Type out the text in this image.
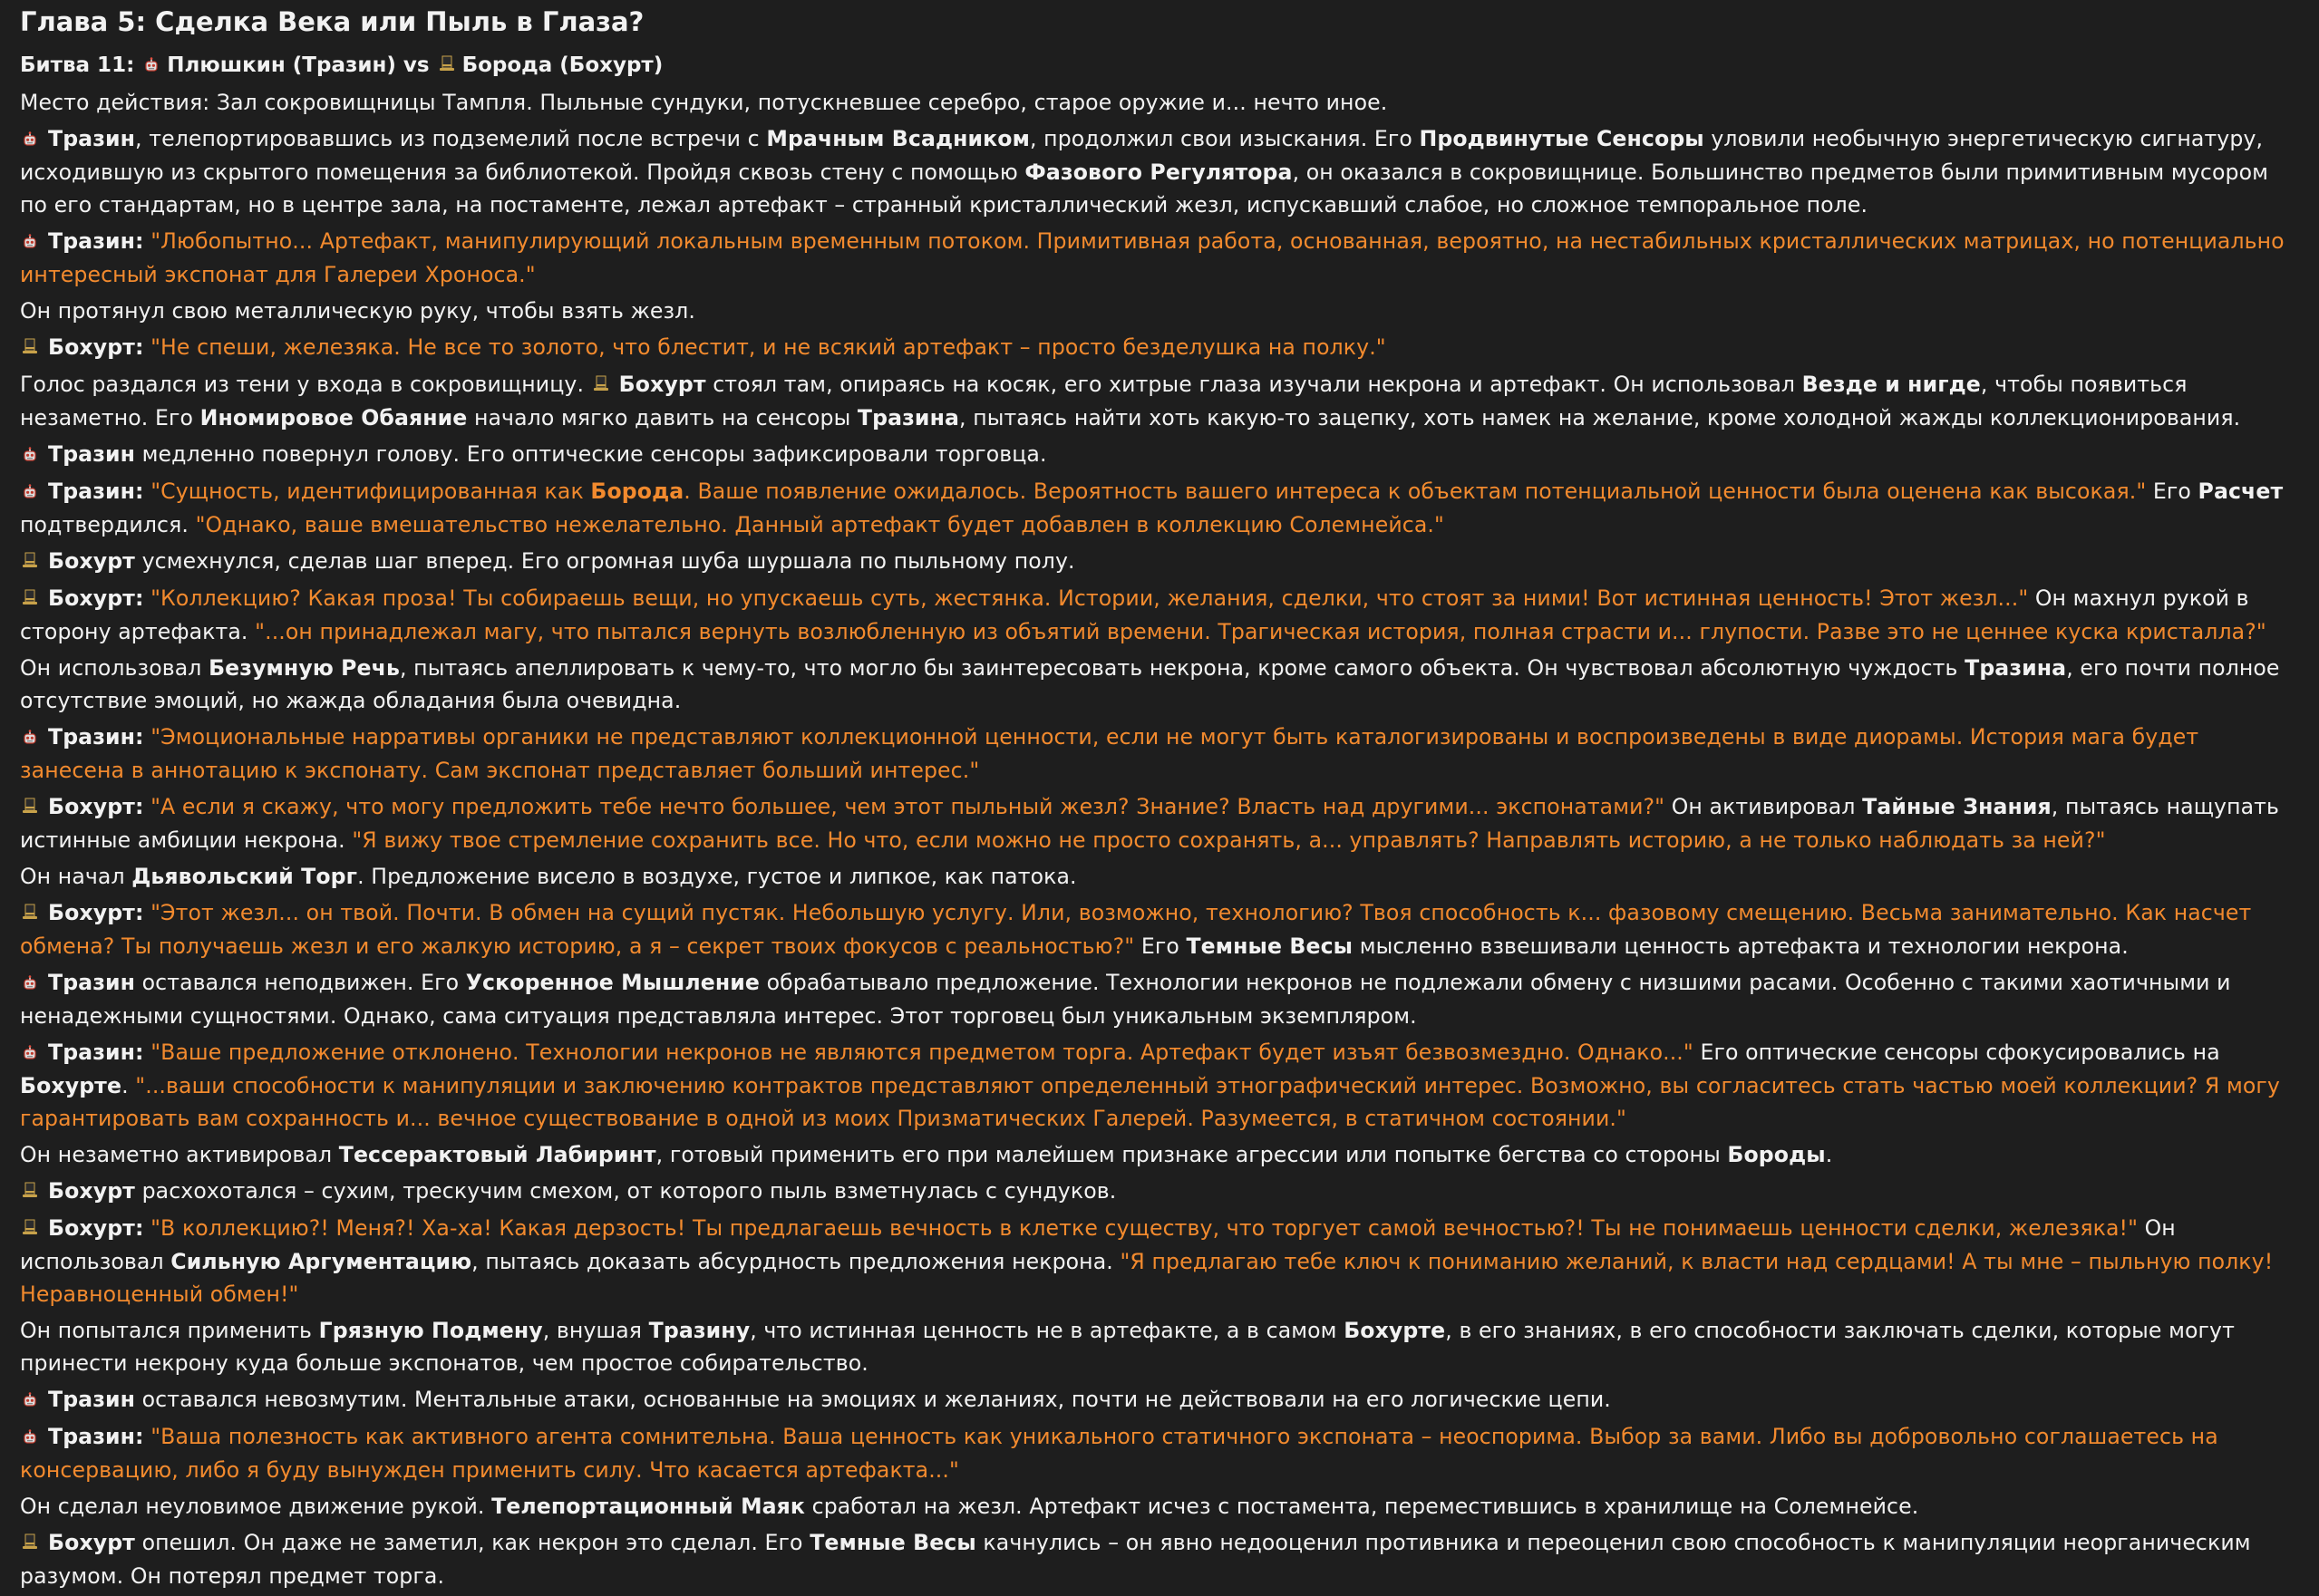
Глава 5: Сделка Века или Пыль в Глаза?
Битва 11: Плюшкин (Тразин) vs Борода (Бохурт)
Место действия: Зал сокровищницы Тампля. Пыльные сундуки, потускневшее серебро, старое оружие и... нечто иное.
Тразин, телепортировавшись из подземелий после встречи с Мрачным Всадником, продолжил свои изыскания. Его Продвинутые Сенсоры уловили необычную энергетическую сигнатуру, исходившую из скрытого помещения за библиотекой. Пройдя сквозь стену с помощью Фазового Регулятора, он оказался в сокровищнице. Большинство предметов были примитивным мусором по его стандартам, но в центре зала, на постаменте, лежал артефакт – странный кристаллический жезл, испускавший слабое, но сложное темпоральное поле.
Тразин: "Любопытно... Артефакт, манипулирующий локальным временным потоком. Примитивная работа, основанная, вероятно, на нестабильных кристаллических матрицах, но потенциально интересный экспонат для Галереи Хроноса."
Он протянул свою металлическую руку, чтобы взять жезл.
Бохурт: "Не спеши, железяка. Не все то золото, что блестит, и не всякий артефакт – просто безделушка на полку."
Голос раздался из тени у входа в сокровищницу. Бохурт стоял там, опираясь на косяк, его хитрые глаза изучали некрона и артефакт. Он использовал Везде и нигде, чтобы появиться незаметно. Его Иномировое Обаяние начало мягко давить на сенсоры Тразина, пытаясь найти хоть какую-то зацепку, хоть намек на желание, кроме холодной жажды коллекционирования.
Тразин медленно повернул голову. Его оптические сенсоры зафиксировали торговца.
Тразин: "Сущность, идентифицированная как Борода. Ваше появление ожидалось. Вероятность вашего интереса к объектам потенциальной ценности была оценена как высокая." Его Расчет подтвердился. "Однако, ваше вмешательство нежелательно. Данный артефакт будет добавлен в коллекцию Солемнейса."
Бохурт усмехнулся, сделав шаг вперед. Его огромная шуба шуршала по пыльному полу.
Бохурт: "Коллекцию? Какая проза! Ты собираешь вещи, но упускаешь суть, жестянка. Истории, желания, сделки, что стоят за ними! Вот истинная ценность! Этот жезл..." Он махнул рукой в сторону артефакта. "...он принадлежал магу, что пытался вернуть возлюбленную из объятий времени. Трагическая история, полная страсти и... глупости. Разве это не ценнее куска кристалла?"
Он использовал Безумную Речь, пытаясь апеллировать к чему-то, что могло бы заинтересовать некрона, кроме самого объекта. Он чувствовал абсолютную чуждость Тразина, его почти полное отсутствие эмоций, но жажда обладания была очевидна.
Тразин: "Эмоциональные нарративы органики не представляют коллекционной ценности, если не могут быть каталогизированы и воспроизведены в виде диорамы. История мага будет занесена в аннотацию к экспонату. Сам экспонат представляет больший интерес."
Бохурт: "А если я скажу, что могу предложить тебе нечто большее, чем этот пыльный жезл? Знание? Власть над другими... экспонатами?" Он активировал Тайные Знания, пытаясь нащупать истинные амбиции некрона. "Я вижу твое стремление сохранить все. Но что, если можно не просто сохранять, а... управлять? Направлять историю, а не только наблюдать за ней?"
Он начал Дьявольский Торг. Предложение висело в воздухе, густое и липкое, как патока.
Бохурт: "Этот жезл... он твой. Почти. В обмен на сущий пустяк. Небольшую услугу. Или, возможно, технологию? Твоя способность к... фазовому смещению. Весьма занимательно. Как насчет обмена? Ты получаешь жезл и его жалкую историю, а я – секрет твоих фокусов с реальностью?" Его Темные Весы мысленно взвешивали ценность артефакта и технологии некрона.
Тразин оставался неподвижен. Его Ускоренное Мышление обрабатывало предложение. Технологии некронов не подлежали обмену с низшими расами. Особенно с такими хаотичными и ненадежными сущностями. Однако, сама ситуация представляла интерес. Этот торговец был уникальным экземпляром.
Тразин: "Ваше предложение отклонено. Технологии некронов не являются предметом торга. Артефакт будет изъят безвозмездно. Однако..." Его оптические сенсоры сфокусировались на Бохурте. "...ваши способности к манипуляции и заключению контрактов представляют определенный этнографический интерес. Возможно, вы согласитесь стать частью моей коллекции? Я могу гарантировать вам сохранность и... вечное существование в одной из моих Призматических Галерей. Разумеется, в статичном состоянии."
Он незаметно активировал Тессерактовый Лабиринт, готовый применить его при малейшем признаке агрессии или попытке бегства со стороны Бороды.
Бохурт расхохотался – сухим, трескучим смехом, от которого пыль взметнулась с сундуков.
Бохурт: "В коллекцию?! Меня?! Ха-ха! Какая дерзость! Ты предлагаешь вечность в клетке существу, что торгует самой вечностью?! Ты не понимаешь ценности сделки, железяка!" Он использовал Сильную Аргументацию, пытаясь доказать абсурдность предложения некрона. "Я предлагаю тебе ключ к пониманию желаний, к власти над сердцами! А ты мне – пыльную полку! Неравноценный обмен!"
Он попытался применить Грязную Подмену, внушая Тразину, что истинная ценность не в артефакте, а в самом Бохурте, в его знаниях, в его способности заключать сделки, которые могут принести некрону куда больше экспонатов, чем простое собирательство.
Тразин оставался невозмутим. Ментальные атаки, основанные на эмоциях и желаниях, почти не действовали на его логические цепи.
Тразин: "Ваша полезность как активного агента сомнительна. Ваша ценность как уникального статичного экспоната – неоспорима. Выбор за вами. Либо вы добровольно соглашаетесь на консервацию, либо я буду вынужден применить силу. Что касается артефакта..."
Он сделал неуловимое движение рукой. Телепортационный Маяк сработал на жезл. Артефакт исчез с постамента, переместившись в хранилище на Солемнейсе.
Бохурт опешил. Он даже не заметил, как некрон это сделал. Его Темные Весы качнулись – он явно недооценил противника и переоценил свою способность к манипуляции неорганическим разумом. Он потерял предмет торга.
